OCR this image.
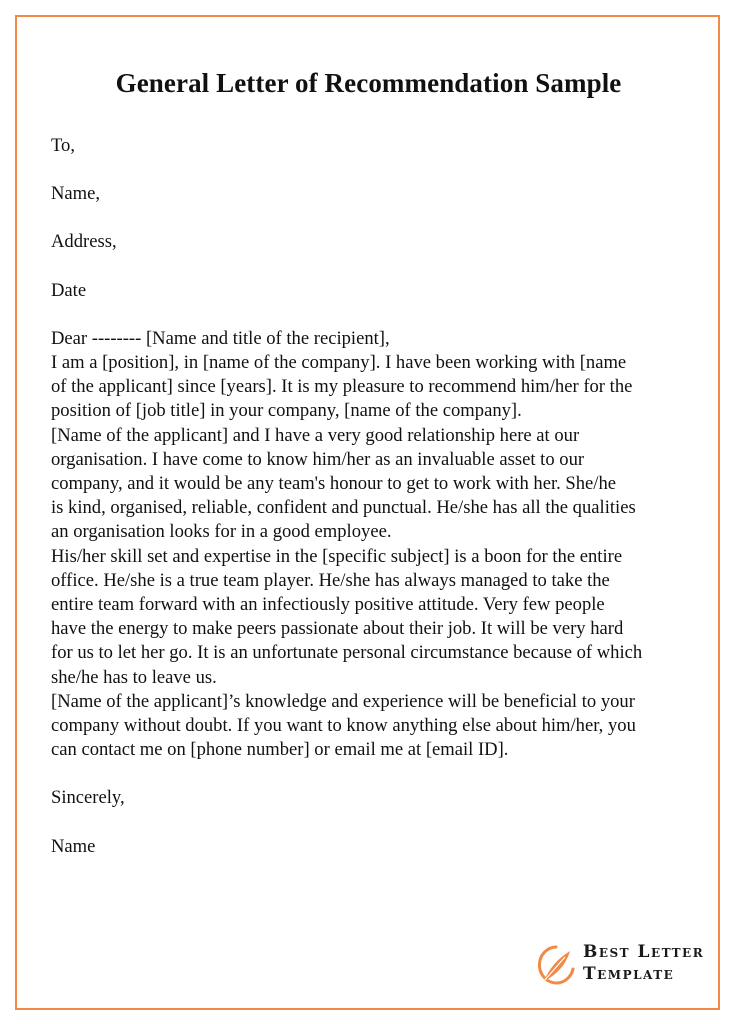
General Letter of Recommendation Sample
To,
Name,
Address,
Date
Dear -------- [Name and title of the recipient],

I am a [position], in [name of the company]. I have been working with [name
of the applicant] since [years]. It is my pleasure to recommend him/her for the
position of [job title] in your company, [name of the company].

[Name of the applicant] and I have a very good relationship here at our
organisation. I have come to know him/her as an invaluable asset to our
company, and it would be any team's honour to get to work with her. She/he
is kind, organised, reliable, confident and punctual. He/she has all the qualities
an organisation looks for in a good employee.

His/her skill set and expertise in the [specific subject] is a boon for the entire
office. He/she is a true team player. He/she has always managed to take the
entire team forward with an infectiously positive attitude. Very few people
have the energy to make peers passionate about their job. It will be very hard
for us to let her go. It is an unfortunate personal circumstance because of which
she/he has to leave us.

[Name of the applicant]’s knowledge and experience will be beneficial to your
company without doubt. If you want to know anything else about him/her, you
can contact me on [phone number] or email me at [email ID].

Sincerely,
Name
Best Letter
Template
